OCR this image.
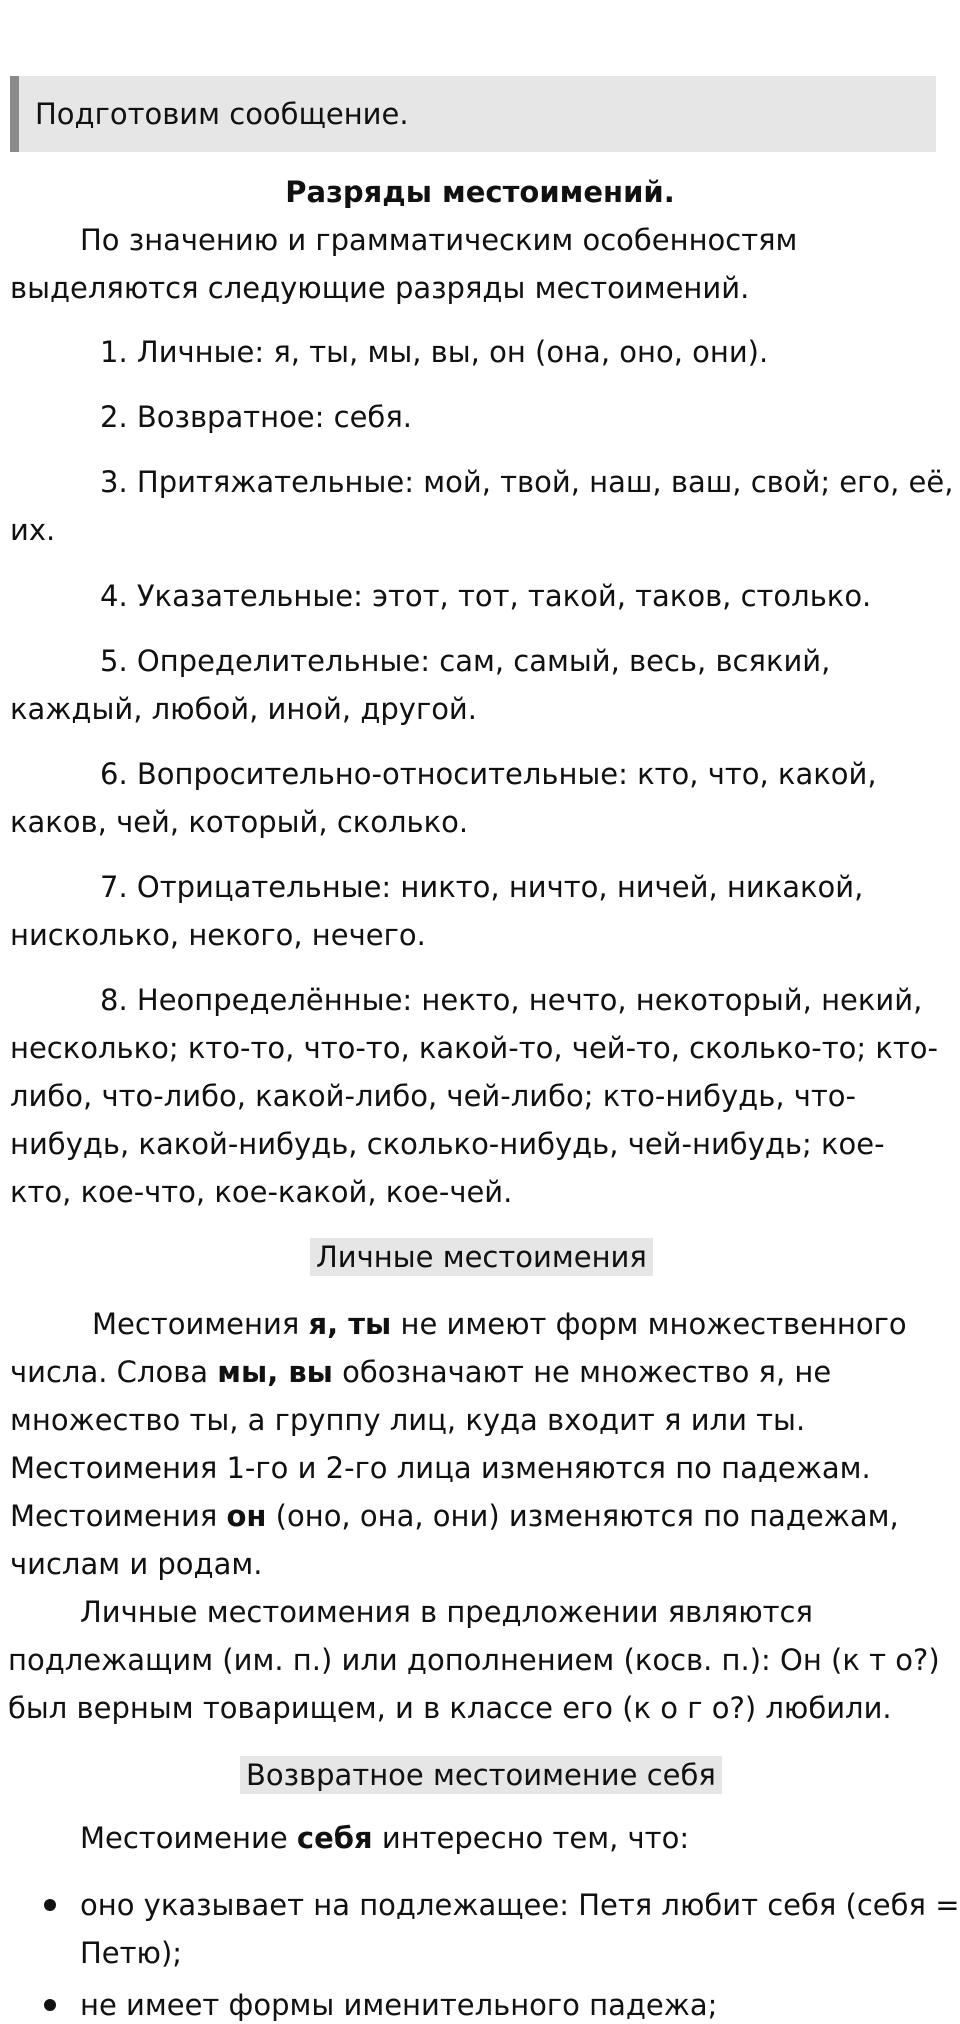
Подготовим сообщение.
Разряды местоимений.
По значению и грамматическим особенностям
выделяются следующие разряды местоимений.
1. Личные: я, ты, мы, вы, он (она, оно, они).
2. Возвратное: себя.
3. Притяжательные: мой, твой, наш, ваш, свой; его, её,
их.
4. Указательные: этот, тот, такой, таков, столько.
5. Определительные: сам, самый, весь, всякий,
каждый, любой, иной, другой.
6. Вопросительно-относительные: кто, что, какой,
каков, чей, который, сколько.
7. Отрицательные: никто, ничто, ничей, никакой,
нисколько, некого, нечего.
8. Неопределённые: некто, нечто, некоторый, некий,
несколько; кто-то, что-то, какой-то, чей-то, сколько-то; кто-
либо, что-либо, какой-либо, чей-либо; кто-нибудь, что-
нибудь, какой-нибудь, сколько-нибудь, чей-нибудь; кое-
кто, кое-что, кое-какой, кое-чей.
Личные местоимения
Местоимения я, ты не имеют форм множественного
числа. Слова мы, вы обозначают не множество я, не
множество ты, а группу лиц, куда входит я или ты.
Местоимения 1-го и 2-го лица изменяются по падежам.
Местоимения он (оно, она, они) изменяются по падежам,
числам и родам.
Личные местоимения в предложении являются
подлежащим (им. п.) или дополнением (косв. п.): Он (к т о?)
был верным товарищем, и в классе его (к о г о?) любили.
Возвратное местоимение себя
Местоимение себя интересно тем, что:
оно указывает на подлежащее: Петя любит себя (себя =
Петю);
не имеет формы именительного падежа;
